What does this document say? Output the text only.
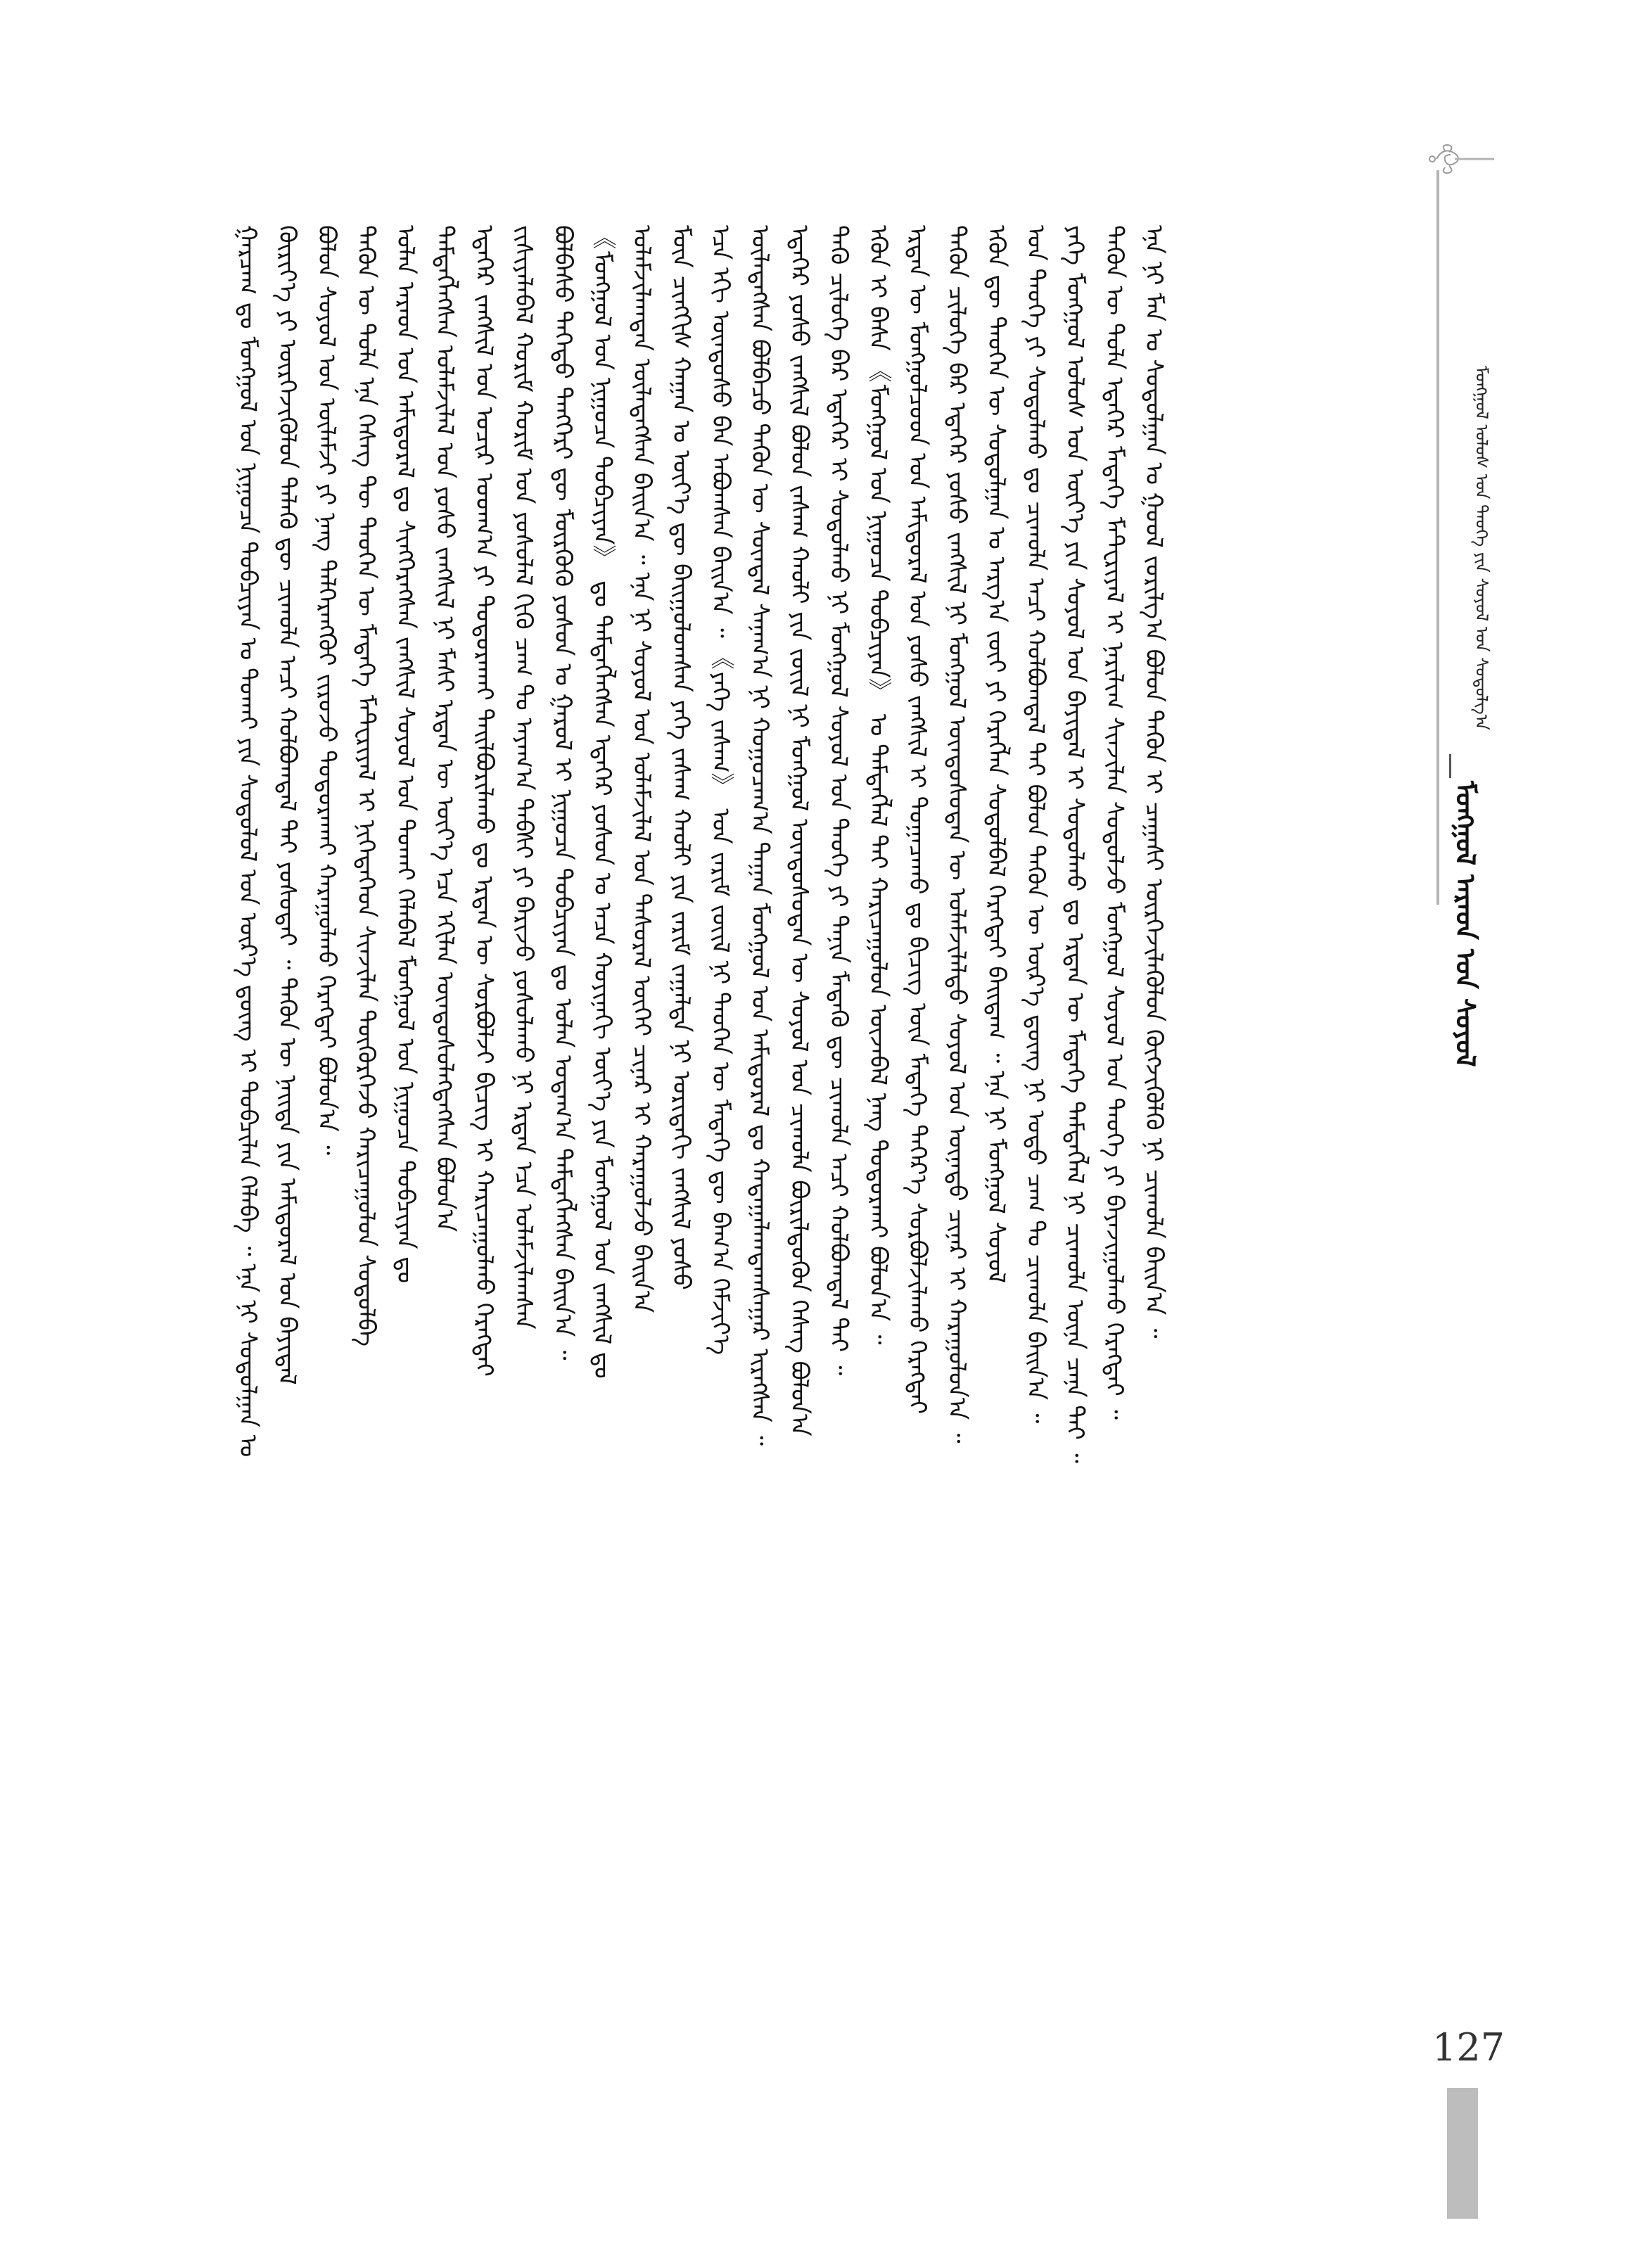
ᠮᠣᠩᠭᠣᠯ ᠠᠷᠠᠳ ᠤᠨ ᠰᠣᠶᠣᠯ
ᠮᠣᠩᠭᠣᠯ ᠤᠯᠤᠰ ᠤᠨ ᠲᠡᠦᠬᠡ ᠶᠢᠨ ᠰᠣᠶᠣᠯ ᠤᠨ ᠰᠤᠳᠤᠯᠭ᠎ᠠ
ᠭᠠᠷᠴᠠᠭ ᠳᠤ ᠮᠣᠩᠭᠣᠯ ᠤᠨ ᠨᠢᠭᠤᠴᠠ ᠲᠣᠪᠴᠢᠶᠠᠨ ᠤ ᠲᠤᠬᠠᠢ ᠶᠢᠨ ᠰᠤᠳᠤᠯᠤᠯ ᠤᠨ ᠦᠷ᠎ᠡ ᠳ᠋ᠦᠩ ᠢ ᠲᠣᠪᠴᠢᠯᠠᠨ ᠬᠡᠯᠡᠪᠡ ᠃ ᠡᠨᠡ ᠨᠢ ᠰᠤᠳᠤᠯᠭᠠᠨ ᠤ ᠬᠦᠷᠢᠶ᠎ᠡ ᠶᠢ ᠦᠷᠭᠡᠵᠢᠭᠦᠯᠦᠨ ᠲᠡᠯᠡᠬᠦ ᠳᠦ ᠴᠢᠬᠤᠯᠠ ᠠᠴᠢ ᠬᠣᠯᠪᠣᠭᠳᠠᠯ ᠲᠠᠢ ᠶᠣᠰᠣᠲᠠᠢ ᠃ ᠲᠡᠭᠦᠨ ᠦ ᠨᠡᠢᠲᠡ ᠶᠢᠨ ᠠᠮᠢᠳᠤᠷᠠᠯ ᠤᠨ ᠪᠠᠶᠢᠳᠠᠯ ᠪᠣᠯᠤᠨ ᠰᠣᠶᠣᠯ ᠤᠨ ᠦᠯᠡᠮᠵᠢ ᠶᠢ ᠨᠡᠩ ᠳᠡᠯᠭᠡᠷᠡᠩᠭᠦᠢ ᠵᠢᠷᠤᠵᠤ ᠲᠣᠳᠣᠷᠠᠬᠠᠢ ᠬᠠᠷᠠᠭᠤᠯᠬᠤ ᠬᠡᠷᠡᠭᠲᠡᠢ ᠪᠣᠯᠤᠨ᠎ᠠ ᠃ ᠲᠡᠭᠦᠨ ᠦ ᠲᠤᠯᠠ ᠡᠨᠡ ᠬᠡᠰᠡᠭ ᠲᠦ ᠲᠡᠦᠬᠡᠨ ᠦ ᠮᠡᠳᠡᠭᠡ ᠮᠠᠲ᠋ᠧᠷᠢᠶᠠᠯ ᠢ ᠨᠢᠭᠡᠲᠡᠭᠡᠳ ᠰᠢᠨᠵᠢᠯᠡᠨ ᠳᠦᠭᠦᠷᠭᠡᠵᠦ ᠬᠠᠷᠢᠴᠠᠭᠤᠯᠤᠨ ᠰᠤᠳᠤᠯᠪᠠ ᠣᠯᠠᠨ ᠠᠷᠠᠳ ᠤᠨ ᠠᠮᠢᠳᠤᠷᠠᠯ ᠳᠤ ᠰᠢᠩᠭᠡᠷᠡᠭᠰᠡᠨ ᠵᠠᠩᠱᠢᠯ ᠰᠣᠶᠣᠯ ᠤᠨ ᠲᠤᠬᠠᠢ ᠬᠡᠯᠡᠪᠡᠯ ᠮᠣᠩᠭᠣᠯ ᠤᠨ ᠨᠢᠭᠤᠴᠠ ᠲᠣᠪᠴᠢᠶᠠᠨ ᠳᠤ ᠲᠡᠮᠳᠡᠭᠯᠡᠭᠰᠡᠨ ᠤᠯᠠᠮᠵᠢᠯᠠᠯ ᠤᠨ ᠶᠣᠰᠣ ᠵᠠᠩᠱᠢᠯ ᠨᠢ ᠮᠠᠰᠢ ᠡᠷᠲᠡᠨ ᠦ ᠦᠶ᠎ᠡ ᠡᠴᠡ ᠡᠬᠢᠯᠡᠨ ᠦᠨᠳᠦᠰᠦᠯᠡᠭᠳᠡᠭᠰᠡᠨ ᠪᠣᠯᠤᠨ᠎ᠠ ᠡᠳᠡᠭᠡᠷ ᠵᠠᠩᠱᠢᠯ ᠤᠨ ᠤᠴᠢᠷ ᠤᠳᠬ᠎ᠠ ᠶᠢ ᠲᠣᠳᠣᠷᠠᠬᠠᠢ ᠲᠠᠢᠯᠪᠤᠷᠢᠯᠠᠬᠤ ᠳᠤ ᠡᠷᠲᠡᠨ ᠦ ᠰᠤᠷᠪᠤᠯᠵᠢ ᠪᠢᠴᠢᠭ ᠢ ᠬᠠᠷᠢᠴᠠᠭᠤᠯᠬᠤ ᠬᠡᠷᠡᠭᠲᠡᠢ ᠵᠢᠱᠢᠶᠡᠯᠡᠪᠡᠯ ᠬᠤᠷᠢᠮ ᠬᠤᠷᠢᠮ ᠤᠨ ᠶᠣᠰᠣᠯᠠᠯ ᠬᠢᠬᠦ ᠴᠠᠭ ᠲᠤ ᠠᠶᠠᠭ᠎ᠠ ᠲᠡᠪᠰᠢ ᠶᠢ ᠪᠠᠷᠢᠵᠤ ᠶᠣᠰᠣᠯᠠᠬᠤ ᠨᠢ ᠡᠷᠲᠡᠨ ᠡᠴᠡ ᠤᠯᠠᠮᠵᠢᠯᠠᠭᠰᠠᠨ ᠪᠣᠯᠪᠠᠰᠤ ᠳᠡᠭᠡᠳᠦ ᠲᠡᠩᠭᠡᠷᠢ ᠳᠦ ᠮᠥᠷᠭᠦᠬᠦ ᠶᠣᠰᠣᠨ ᠤ ᠭᠠᠷᠤᠯ ᠢ ᠨᠢᠭᠤᠴᠠ ᠲᠣᠪᠴᠢᠶᠠᠨ ᠳᠤ ᠣᠯᠠᠨ ᠤᠳᠠᠭ᠎ᠠ ᠲᠡᠮᠳᠡᠭᠯᠡᠭᠰᠡᠨ ᠪᠠᠢᠨ᠎ᠠ ᠃ 《ᠮᠣᠩᠭᠣᠯ ᠤᠨ ᠨᠢᠭᠤᠴᠠ ᠲᠣᠪᠴᠢᠶᠠᠨ》 ᠳᠤ ᠲᠡᠮᠳᠡᠭᠯᠡᠭᠰᠡᠨ ᠡᠳᠡᠭᠡᠷ ᠶᠣᠰᠣᠨ ᠤ ᠠᠴᠠ ᠬᠣᠶᠢᠨᠠᠬᠢ ᠦᠶ᠎ᠡ ᠶᠢᠨ ᠮᠣᠩᠭᠣᠯ ᠤᠨ ᠵᠠᠩᠱᠢᠯ ᠳᠤ ᠤᠯᠠᠮᠵᠢᠯᠠᠭᠳᠠᠨ ᠦᠯᠡᠳᠡᠭᠰᠡᠨ ᠪᠠᠢᠨ᠎ᠠ ᠃ ᠡᠨᠡ ᠨᠢ ᠰᠣᠶᠣᠯ ᠤᠨ ᠤᠯᠠᠮᠵᠢᠯᠠᠯ ᠤᠨ ᠲᠠᠰᠤᠷᠠᠯ ᠦᠭᠡᠢ ᠴᠢᠨᠠᠷ ᠢ ᠬᠠᠷᠠᠭᠤᠯᠵᠤ ᠪᠠᠢᠨ᠎ᠠ ᠮᠥᠨ ᠴᠢᠩᠭᠢᠰ ᠬᠠᠭᠠᠨ ᠤ ᠦᠶ᠎ᠡ ᠳᠦ ᠪᠠᠢᠭᠤᠯᠤᠭᠰᠠᠨ ᠶᠡᠬᠡ ᠵᠠᠰᠠᠭ ᠬᠠᠤᠯᠢ ᠶᠢᠨ ᠵᠠᠷᠢᠮ ᠵᠠᠭᠠᠯᠲᠠ ᠨᠢ ᠤᠷᠢᠳᠠᠬᠢ ᠵᠠᠩᠱᠢᠯ ᠶᠣᠰᠣ ᠡᠴᠡ ᠡᠬᠢ ᠦᠨᠳᠦᠰᠦ ᠪᠡᠨ ᠠᠪᠤᠭᠰᠠᠨ ᠪᠠᠢᠨ᠎ᠠ ᠃ 《ᠶᠡᠬᠡ ᠵᠠᠰᠠᠭ》 ᠤᠨ ᠵᠠᠷᠢᠮ ᠵᠦᠢᠯ ᠨᠢ ᠲᠡᠦᠬᠡᠨ ᠦ ᠮᠡᠳᠡᠭᠡ ᠳᠦ ᠪᠠᠭ᠎ᠠ ᠬᠡᠮᠵᠢᠶ᠎ᠡ ᠦᠯᠡᠳᠡᠭᠰᠡᠨ ᠪᠣᠯᠪᠠᠴᠤ ᠲᠡᠭᠦᠨ ᠦ ᠰᠦᠨᠳᠡᠯ ᠰᠠᠨᠠᠭ᠎ᠠ ᠨᠢ ᠬᠤᠭᠤᠴᠠᠭ᠎ᠠ ᠳᠠᠭᠠᠨ ᠮᠣᠩᠭᠣᠯ ᠤᠨ ᠠᠮᠢᠳᠤᠷᠠᠯ ᠳᠤ ᠬᠠᠳᠠᠭᠠᠯᠠᠭᠳᠠᠭᠰᠠᠭᠠᠷ ᠢᠷᠡᠭᠰᠡᠨ ᠃ ᠡᠳᠡᠭᠡᠷ ᠶᠣᠰᠣ ᠵᠠᠩᠱᠢᠯ ᠪᠣᠯᠤᠨ ᠵᠠᠰᠠᠭ ᠬᠠᠤᠯᠢ ᠶᠢᠨ ᠵᠦᠢᠯ ᠨᠢ ᠮᠣᠩᠭᠣᠯ ᠦᠨᠳᠦᠰᠦᠲᠡᠨ ᠦ ᠰᠣᠶᠣᠯ ᠤᠨ ᠴᠢᠬᠤᠯᠠ ᠪᠦᠷᠢᠯᠳᠦᠬᠦᠨ ᠬᠡᠰᠡᠭ ᠪᠣᠯᠤᠨ᠎ᠠ ᠲᠡᠬᠦ ᠴᠢᠯᠦᠭᠡ ᠪᠡᠷ ᠡᠳᠡᠭᠡᠷ ᠢ ᠰᠤᠳᠤᠯᠬᠤ ᠨᠢ ᠮᠣᠩᠭᠣᠯ ᠰᠣᠶᠣᠯ ᠤᠨ ᠲᠡᠦᠬᠡ ᠶᠢ ᠲᠠᠨᠢᠨ ᠮᠡᠳᠡᠬᠦ ᠳᠦ ᠴᠢᠬᠤᠯᠠ ᠠᠴᠢ ᠬᠣᠯᠪᠣᠭᠳᠠᠯ ᠲᠠᠢ ᠃ ᠡᠭᠦᠨ ᠢ ᠪᠠᠰᠠ 《ᠮᠣᠩᠭᠣᠯ ᠤᠨ ᠨᠢᠭᠤᠴᠠ ᠲᠣᠪᠴᠢᠶᠠᠨ》 ᠤ ᠲᠡᠮᠳᠡᠭᠯᠡᠯ ᠲᠡᠢ ᠬᠠᠷᠢᠴᠠᠭᠤᠯᠤᠨ ᠦᠵᠡᠪᠡᠯ ᠨᠡᠩ ᠲᠣᠳᠣᠷᠬᠠᠢ ᠪᠣᠯᠤᠨ᠎ᠠ ᠃ ᠡᠷᠲᠡᠨ ᠦ ᠮᠣᠩᠭᠣᠯᠴᠤᠳ ᠤᠨ ᠠᠮᠢᠳᠤᠷᠠᠯ ᠤᠨ ᠶᠣᠰᠣ ᠵᠠᠩᠱᠢᠯ ᠢ ᠲᠣᠭᠠᠴᠠᠬᠤ ᠳᠤ ᠪᠢᠴᠢᠭ ᠦᠨ ᠮᠡᠳᠡᠭᠡ ᠳᠡᠭᠡᠷ᠎ᠡ ᠰᠤᠷᠪᠤᠯᠵᠢᠯᠠᠬᠤ ᠬᠡᠷᠡᠭᠲᠡᠢ ᠲᠡᠭᠦᠨ ᠴᠢᠯᠦᠭᠡ ᠪᠡᠷ ᠡᠳᠡᠭᠡᠷ ᠶᠣᠰᠣ ᠵᠠᠩᠱᠢᠯ ᠨᠢ ᠮᠣᠩᠭᠣᠯ ᠦᠨᠳᠦᠰᠦᠲᠡᠨ ᠦ ᠤᠯᠠᠮᠵᠢᠯᠠᠯᠲᠤ ᠰᠣᠶᠣᠯ ᠤᠨ ᠦᠨᠡᠲᠦ ᠴᠢᠨᠠᠷ ᠢ ᠬᠠᠷᠠᠭᠤᠯᠤᠨ᠎ᠠ ᠃ ᠡᠭᠦᠨ ᠳᠦ ᠲᠡᠦᠬᠡᠨ ᠦ ᠰᠤᠳᠤᠯᠭᠠᠨ ᠤ ᠠᠷᠭ᠎ᠠ ᠵᠦᠢ ᠶᠢ ᠬᠡᠷᠡᠭᠯᠡᠨ ᠰᠤᠳᠤᠯᠪᠠᠯ ᠬᠡᠷᠡᠭᠲᠡᠢ ᠪᠠᠢᠳᠠᠭ ᠃ ᠡᠨᠡ ᠨᠢ ᠮᠣᠩᠭᠣᠯ ᠰᠣᠶᠣᠯ ᠤᠨ ᠲᠡᠦᠬᠡ ᠶᠢ ᠰᠤᠳᠤᠯᠬᠤ ᠳᠤ ᠴᠢᠬᠤᠯᠠ ᠠᠴᠢ ᠬᠣᠯᠪᠣᠭᠳᠠᠯ ᠲᠠᠢ ᠪᠣᠯᠤᠨ ᠲᠡᠭᠦᠨ ᠦ ᠦᠷ᠎ᠡ ᠳ᠋ᠦᠩ ᠨᠢ ᠣᠳᠣ ᠴᠠᠭ ᠲᠤ ᠴᠢᠬᠤᠯᠠ ᠪᠠᠢᠨ᠎ᠠ ᠃ ᠶᠡᠬᠡ ᠮᠣᠩᠭᠣᠯ ᠤᠯᠤᠰ ᠤᠨ ᠦᠶ᠎ᠡ ᠶᠢᠨ ᠰᠣᠶᠣᠯ ᠤᠨ ᠪᠠᠶᠢᠳᠠᠯ ᠢ ᠰᠤᠳᠤᠯᠬᠤ ᠳᠤ ᠡᠷᠲᠡᠨ ᠦ ᠮᠡᠳᠡᠭᠡ ᠲᠡᠮᠳᠡᠭᠯᠡᠯ ᠨᠢ ᠴᠢᠬᠤᠯᠠ ᠦᠨᠡ ᠴᠡᠨᠡ ᠲᠠᠢ ᠃ ᠲᠡᠭᠦᠨ ᠦ ᠲᠤᠯᠠ ᠡᠳᠡᠭᠡᠷ ᠮᠡᠳᠡᠭᠡ ᠮᠠᠲ᠋ᠧᠷᠢᠶᠠᠯ ᠢ ᠨᠠᠷᠢᠯᠢᠭ ᠰᠢᠨᠵᠢᠯᠡᠨ ᠰᠤᠳᠤᠯᠵᠤ ᠮᠣᠩᠭᠣᠯ ᠰᠣᠶᠣᠯ ᠤᠨ ᠲᠡᠦᠬᠡ ᠶᠢ ᠪᠠᠶᠠᠵᠢᠭᠤᠯᠬᠤ ᠬᠡᠷᠡᠭᠲᠡᠢ ᠃ ᠡᠨᠡ ᠨᠢ ᠮᠠᠨ ᠤ ᠰᠤᠳᠤᠯᠭᠠᠨ ᠤ ᠭᠣᠤᠯ ᠵᠣᠷᠢᠯᠭ᠎ᠠ ᠪᠣᠯᠤᠨ ᠲᠡᠭᠦᠨ ᠢ ᠴᠠᠭᠠᠰᠢ ᠦᠷᠭᠡᠵᠢᠯᠡᠭᠦᠯᠦᠨ ᠬᠦᠭᠵᠢᠭᠦᠯᠬᠦ ᠨᠢ ᠴᠢᠬᠤᠯᠠ ᠪᠠᠢᠨ᠎ᠠ ᠃
127
